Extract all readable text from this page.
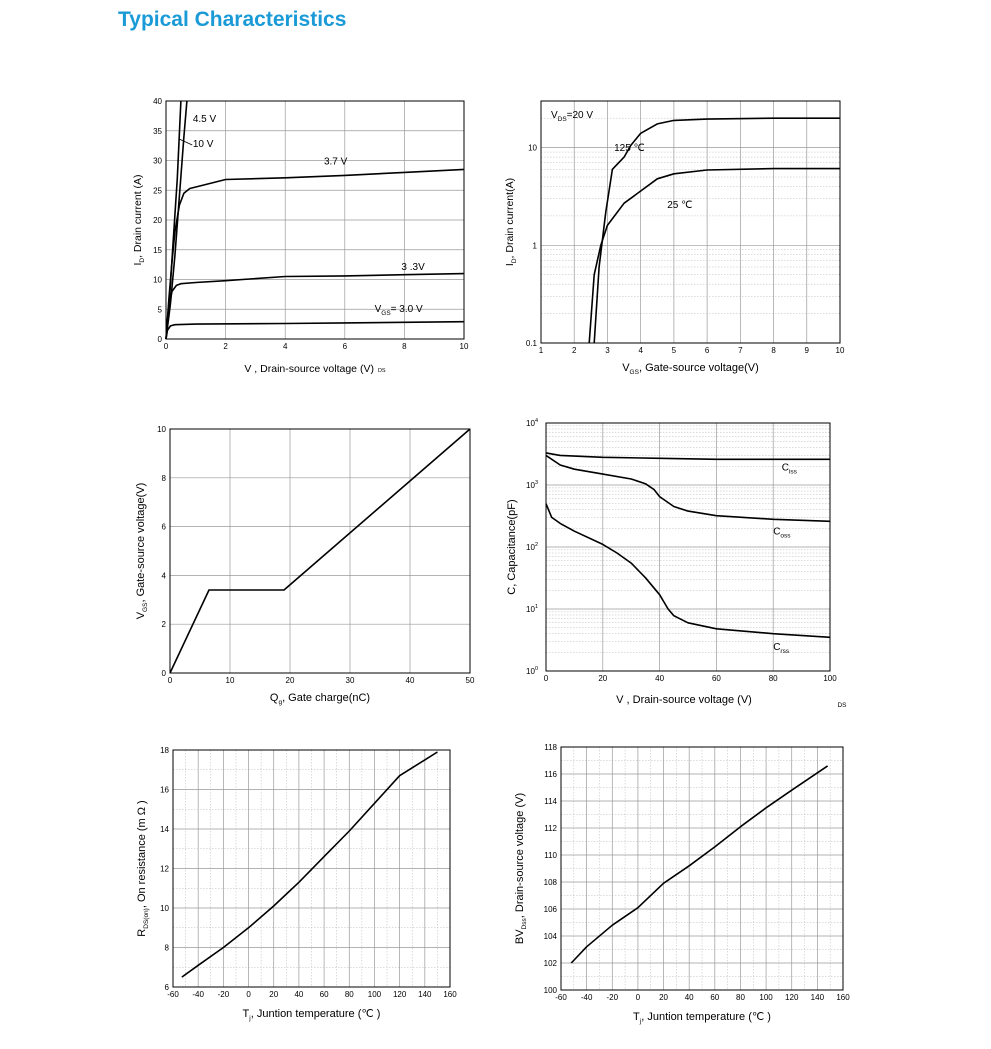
Typical Characteristics
0	2	4	6	8	10
0
5
10
15
20
25
30
35
40
4.5 V
10 V
3.7 V
3 .3V
$V_{GS}= 3.0$ V
V , Drain-source voltage (V) DS
$I_D$, Drain current (A)
1	2	3	4	5	6	7	8	9	10
0.1
1
10
$V_{DS}=20$ V
125 ℃
25 ℃
$V_{GS}$, Gate-source voltage(V)
$I_D$, Drain current(A)
0	10	20	30	40	50
0
2
4
6
8
10
$Q_g$, Gate charge(nC)
$V_{GS}$, Gate-source voltage(V)
0	20	40	60	80	100
$10^0$
$10^1$
$10^2$
$10^3$
$10^4$
$C_{iss}$
$C_{oss}$
$C_{rss}$
V , Drain-source voltage (V)	DS
C, Capacitance(pF)
-60 -40 -20 0 20 40 60 80 100 120 140 160
6
8
10
12
14
16
18
$T_j$, Juntion temperature (℃ )
$R_{DS(on)}$, On resistance (m Ω )
-60 -40 -20 0 20 40 60 80 100 120 140 160
100
102
104
106
108
110
112
114
116
118
$T_j$, Juntion temperature (℃ )
$BV_{Dss}$, Drain-source voltage (V)
